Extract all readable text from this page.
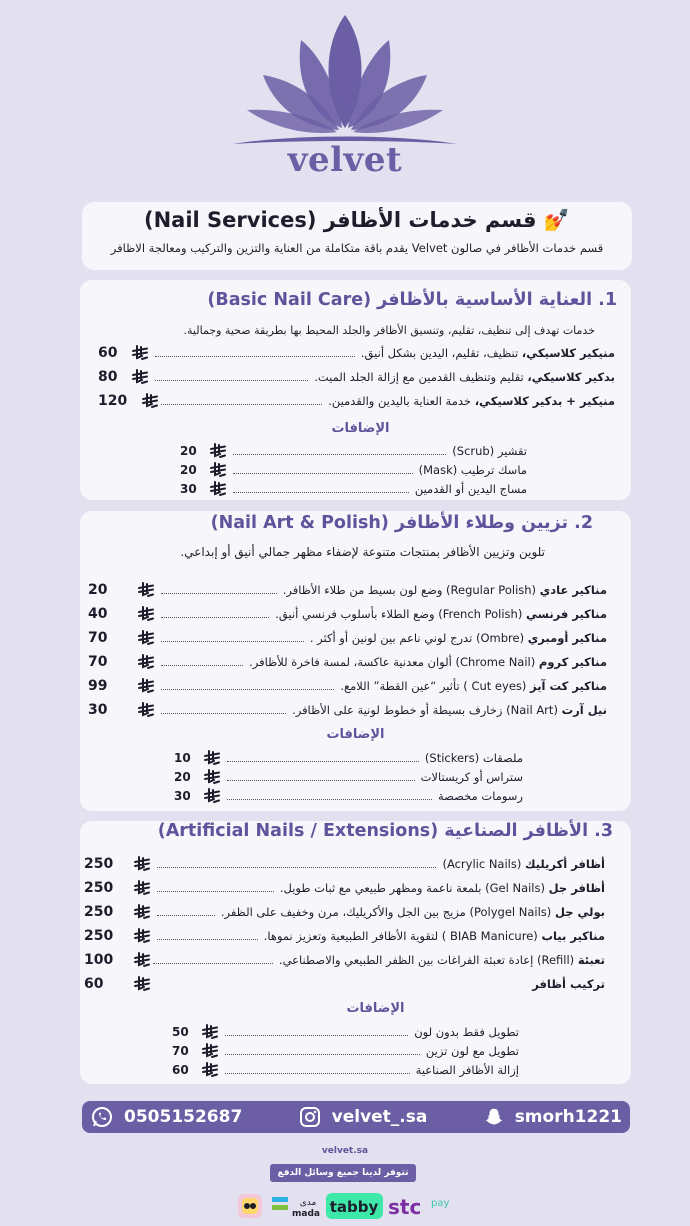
velvet
💅 قسم خدمات الأظافر (Nail Services)
قسم خدمات الأظافر في صالون Velvet يقدم باقة متكاملة من العناية والتزين والتركيب ومعالجة الاظافر
1. العناية الأساسية بالأظافر (Basic Nail Care)
خدمات تهدف إلى تنظيف، تقليم، وتنسيق الأظافر والجلد المحيط بها بطريقة صحية وجمالية.
منيكير كلاسيكي، تنظيف، تقليم، اليدين بشكل أنيق.
60
بدكير كلاسيكي، تقليم وتنظيف القدمين مع إزالة الجلد الميت.
80
منيكير + بدكير كلاسيكي، خدمة العناية باليدين والقدمين.
120
الإضافات
تقشير (Scrub)
20
ماسك ترطيب (Mask)
20
مساج اليدين أو القدمين
30
2. تزيين وطلاء الأظافر (Nail Art & Polish)
تلوين وتزيين الأظافر بمنتجات متنوعة لإضفاء مظهر جمالي أنيق أو إبداعي.
مناكير عادي (Regular Polish) وضع لون بسيط من طلاء الأظافر.
20
مناكير فرنسي (French Polish) وضع الطلاء بأسلوب فرنسي أنيق.
40
مناكير أومبري (Ombre) تدرج لوني ناعم بين لونين أو أكثر .
70
مناكير كروم (Chrome Nail) ألوان معدنية عاكسة، لمسة فاخرة للأظافر.
70
مناكير كت آيز (Cut eyes ) تأثير “عين القطة” اللامع.
99
نيل آرت (Nail Art) زخارف بسيطة أو خطوط لونية على الأظافر.
30
الإضافات
ملصقات (Stickers)
10
ستراس أو كريستالات
20
رسومات مخصصة
30
3. الأظافر الصناعية (Artificial Nails / Extensions)
أظافر أكريليك (Acrylic Nails)
250
أظافر جل (Gel Nails) بلمعة ناعمة ومظهر طبيعي مع ثبات طويل.
250
بولي جل (Polygel Nails) مزيج بين الجل والأكريليك، مرن وخفيف على الظفر.
250
مناكير بياب (BIAB Manicure ) لتقوية الأظافر الطبيعية وتعزيز نموها.
250
تعبئة (Refill) إعادة تعبئة الفراغات بين الظفر الطبيعي والاصطناعي.
100
تركيب أظافر
60
الإضافات
تطويل فقط بدون لون
50
تطويل مع لون تزين
70
إزالة الأظافر الصناعية
60
0505152687	velvet_.sa	smorh1221
velvet.sa
تتوفر لدينا جميع وسائل الدفع
مدى
mada tabby stc pay
